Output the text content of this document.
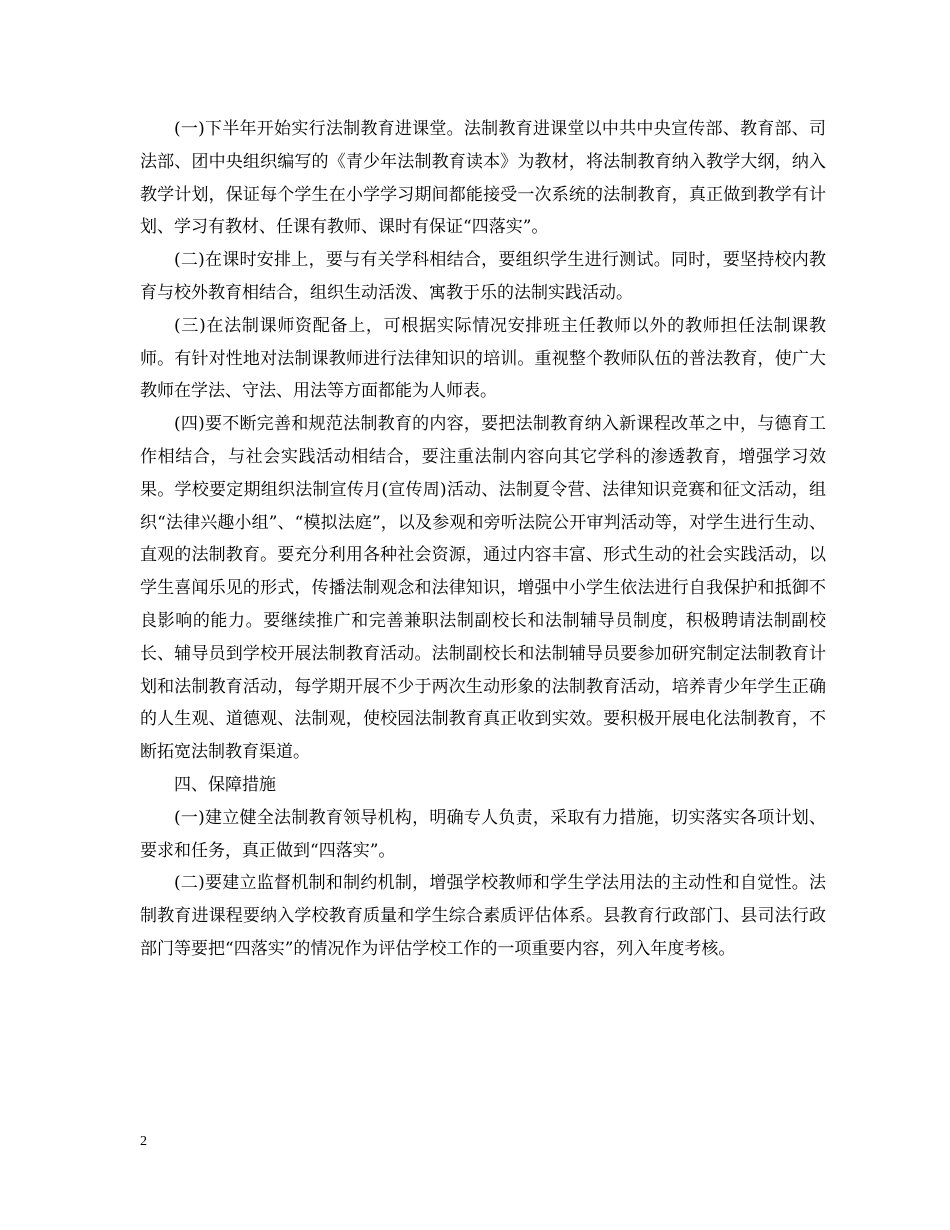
(一)下半年开始实行法制教育进课堂。法制教育进课堂以中共中央宣传部、教育部、司法部、团中央组织编写的《青少年法制教育读本》为教材，将法制教育纳入教学大纲，纳入教学计划，保证每个学生在小学学习期间都能接受一次系统的法制教育，真正做到教学有计划、学习有教材、任课有教师、课时有保证“四落实”。

(二)在课时安排上，要与有关学科相结合，要组织学生进行测试。同时，要坚持校内教育与校外教育相结合，组织生动活泼、寓教于乐的法制实践活动。

(三)在法制课师资配备上，可根据实际情况安排班主任教师以外的教师担任法制课教师。有针对性地对法制课教师进行法律知识的培训。重视整个教师队伍的普法教育，使广大教师在学法、守法、用法等方面都能为人师表。

(四)要不断完善和规范法制教育的内容，要把法制教育纳入新课程改革之中，与德育工作相结合，与社会实践活动相结合，要注重法制内容向其它学科的渗透教育，增强学习效果。学校要定期组织法制宣传月(宣传周)活动、法制夏令营、法律知识竞赛和征文活动，组织“法律兴趣小组”、“模拟法庭”，以及参观和旁听法院公开审判活动等，对学生进行生动、直观的法制教育。要充分利用各种社会资源，通过内容丰富、形式生动的社会实践活动，以学生喜闻乐见的形式，传播法制观念和法律知识，增强中小学生依法进行自我保护和抵御不良影响的能力。要继续推广和完善兼职法制副校长和法制辅导员制度，积极聘请法制副校长、辅导员到学校开展法制教育活动。法制副校长和法制辅导员要参加研究制定法制教育计划和法制教育活动，每学期开展不少于两次生动形象的法制教育活动，培养青少年学生正确的人生观、道德观、法制观，使校园法制教育真正收到实效。要积极开展电化法制教育，不断拓宽法制教育渠道。

四、保障措施

(一)建立健全法制教育领导机构，明确专人负责，采取有力措施，切实落实各项计划、要求和任务，真正做到“四落实”。

(二)要建立监督机制和制约机制，增强学校教师和学生学法用法的主动性和自觉性。法制教育进课程要纳入学校教育质量和学生综合素质评估体系。县教育行政部门、县司法行政部门等要把“四落实”的情况作为评估学校工作的一项重要内容，列入年度考核。

2
